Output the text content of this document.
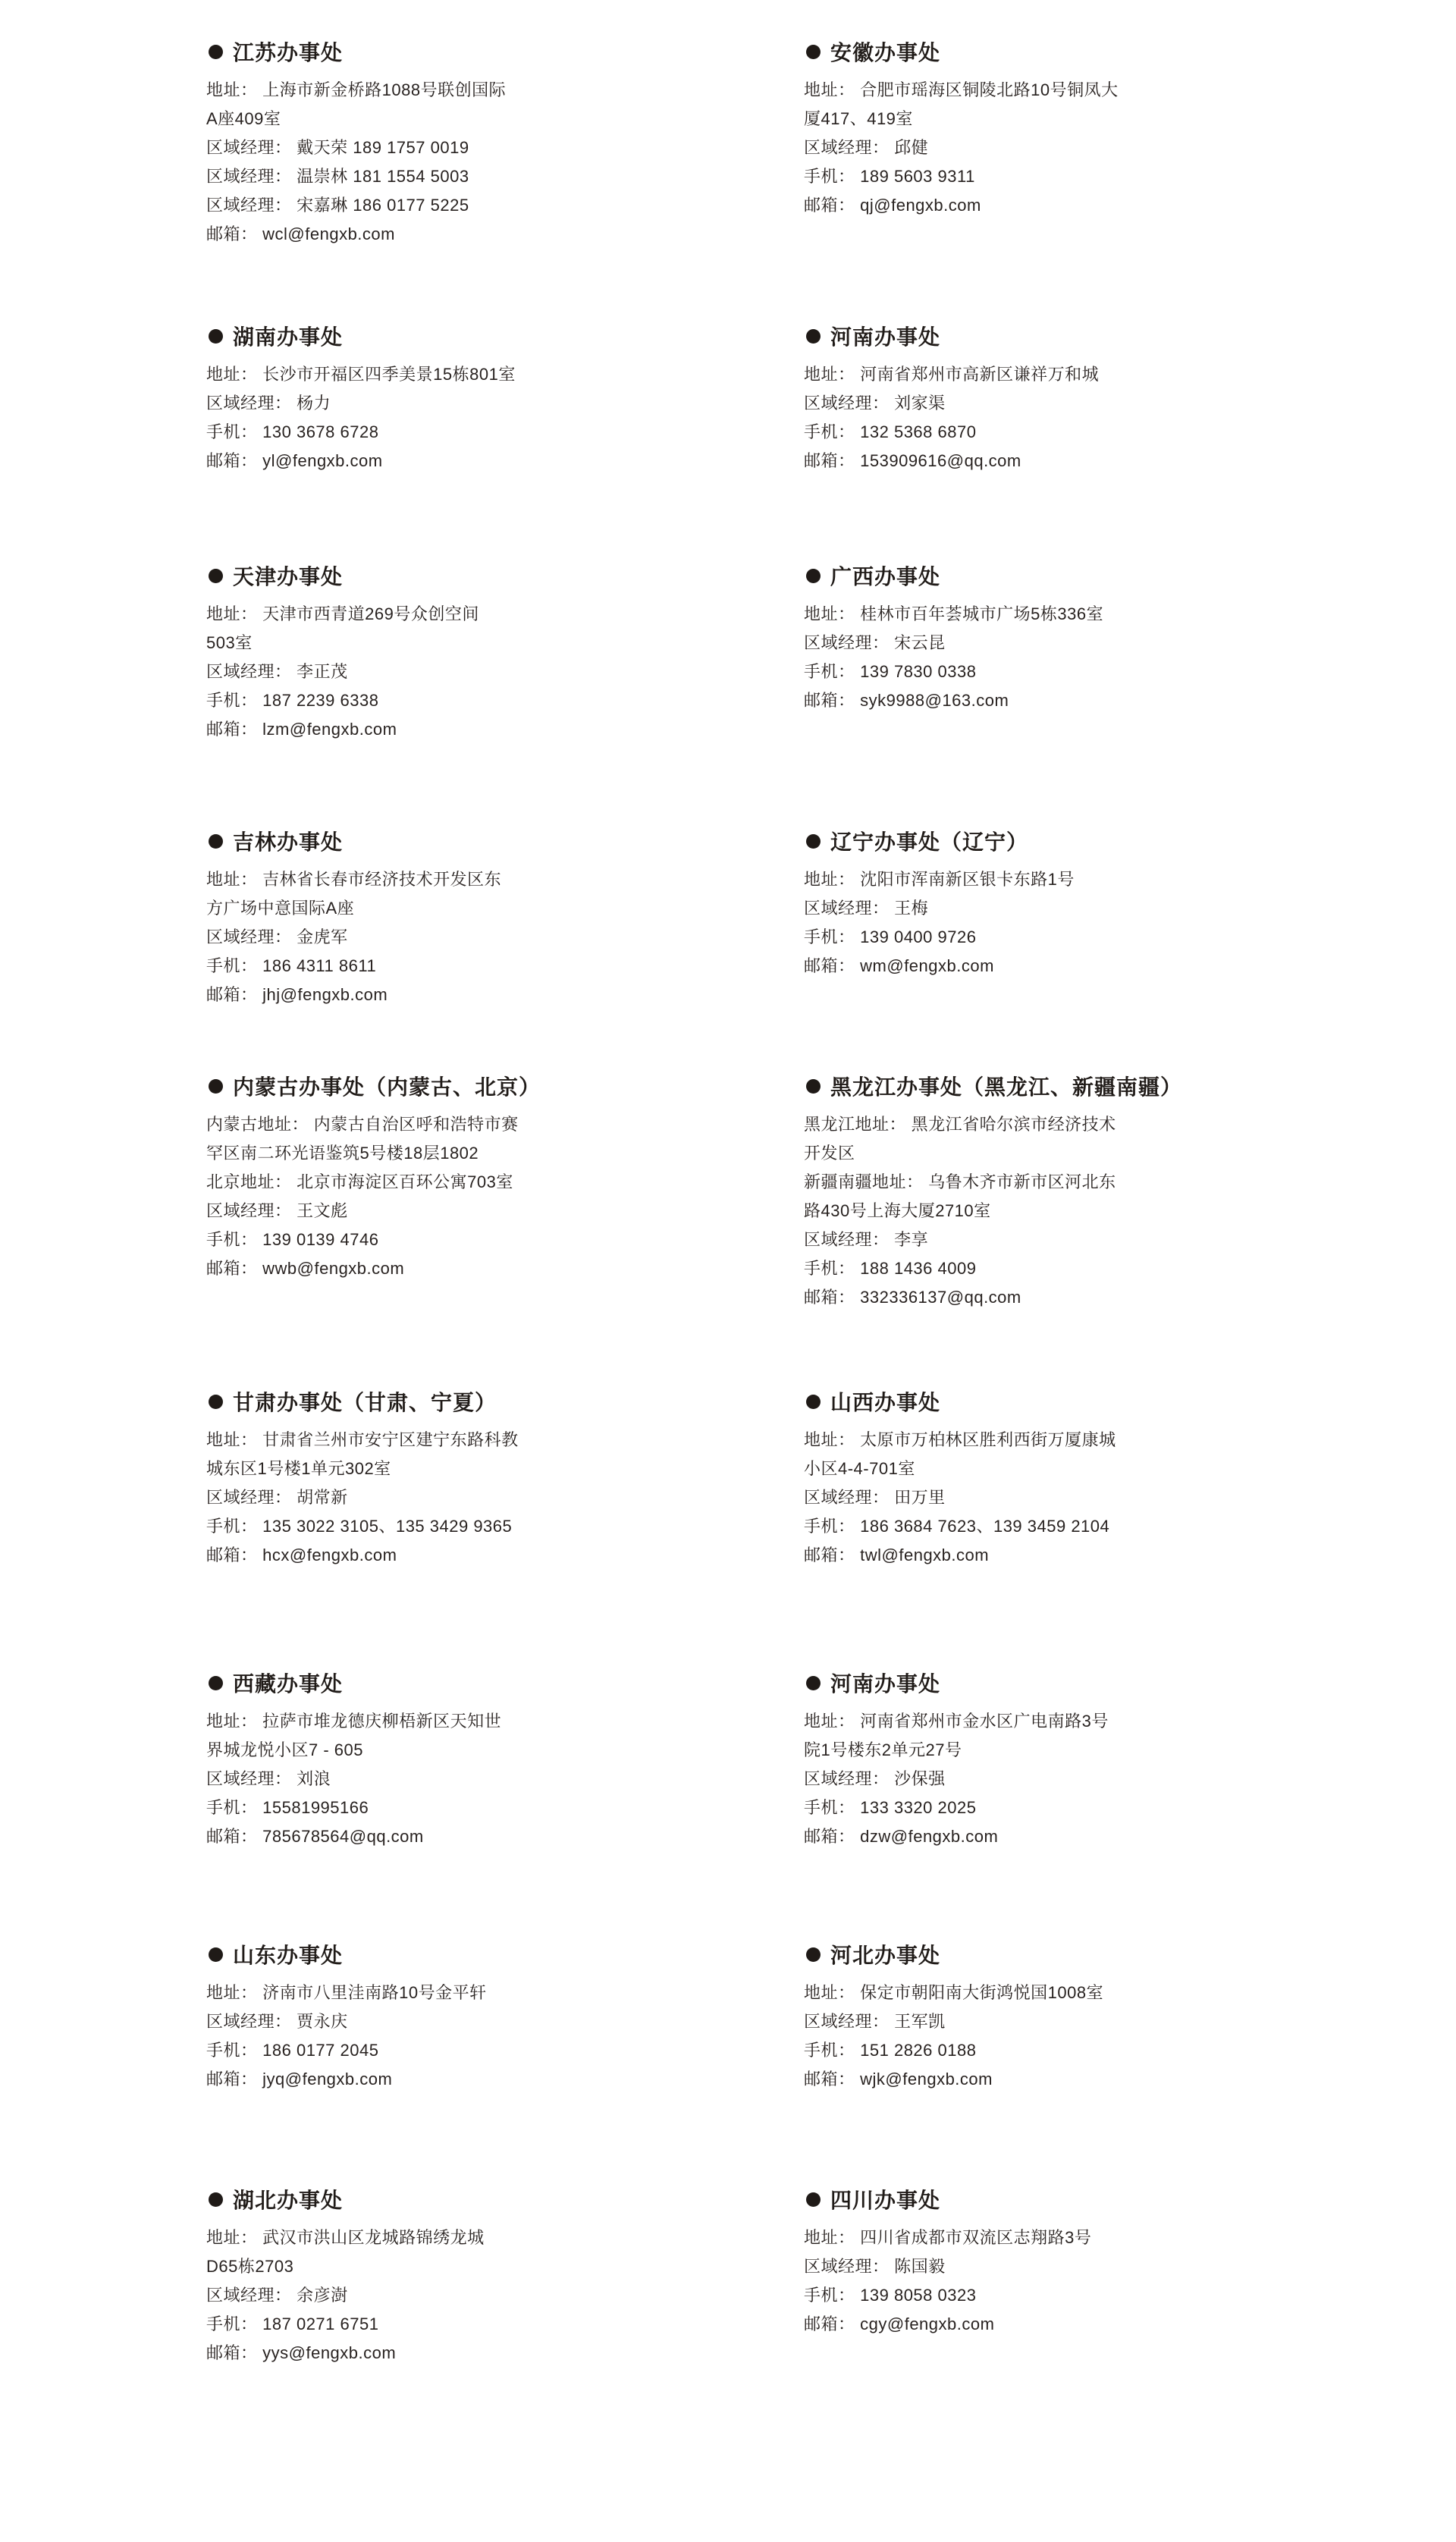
江苏办事处
地址： 上海市新金桥路1088号联创国际
A座409室
区域经理： 戴天荣 189 1757 0019
区域经理： 温崇林 181 1554 5003
区域经理： 宋嘉琳 186 0177 5225
邮箱： wcl@fengxb.com
安徽办事处
地址： 合肥市瑶海区铜陵北路10号铜凤大
厦417、419室
区域经理： 邱健
手机： 189 5603 9311
邮箱： qj@fengxb.com
湖南办事处
地址： 长沙市开福区四季美景15栋801室
区域经理： 杨力
手机： 130 3678 6728
邮箱： yl@fengxb.com
河南办事处
地址： 河南省郑州市高新区谦祥万和城
区域经理： 刘家渠
手机： 132 5368 6870
邮箱： 153909616@qq.com
天津办事处
地址： 天津市西青道269号众创空间
503室
区域经理： 李正茂
手机： 187 2239 6338
邮箱： lzm@fengxb.com
广西办事处
地址： 桂林市百年荟城市广场5栋336室
区域经理： 宋云昆
手机： 139 7830 0338
邮箱： syk9988@163.com
吉林办事处
地址： 吉林省长春市经济技术开发区东
方广场中意国际A座
区域经理： 金虎军
手机： 186 4311 8611
邮箱： jhj@fengxb.com
辽宁办事处（辽宁）
地址： 沈阳市浑南新区银卡东路1号
区域经理： 王梅
手机： 139 0400 9726
邮箱： wm@fengxb.com
内蒙古办事处（内蒙古、北京）
内蒙古地址： 内蒙古自治区呼和浩特市赛
罕区南二环光语鉴筑5号楼18层1802
北京地址： 北京市海淀区百环公寓703室
区域经理： 王文彪
手机： 139 0139 4746
邮箱： wwb@fengxb.com
黑龙江办事处（黑龙江、新疆南疆）
黑龙江地址： 黑龙江省哈尔滨市经济技术
开发区
新疆南疆地址： 乌鲁木齐市新市区河北东
路430号上海大厦2710室
区域经理： 李享
手机： 188 1436 4009
邮箱： 332336137@qq.com
甘肃办事处（甘肃、宁夏）
地址： 甘肃省兰州市安宁区建宁东路科教
城东区1号楼1单元302室
区域经理： 胡常新
手机： 135 3022 3105、135 3429 9365
邮箱： hcx@fengxb.com
山西办事处
地址： 太原市万柏林区胜利西街万厦康城
小区4-4-701室
区域经理： 田万里
手机： 186 3684 7623、139 3459 2104
邮箱： twl@fengxb.com
西藏办事处
地址： 拉萨市堆龙德庆柳梧新区天知世
界城龙悦小区7 - 605
区域经理： 刘浪
手机： 15581995166
邮箱： 785678564@qq.com
河南办事处
地址： 河南省郑州市金水区广电南路3号
院1号楼东2单元27号
区域经理： 沙保强
手机： 133 3320 2025
邮箱： dzw@fengxb.com
山东办事处
地址： 济南市八里洼南路10号金平轩
区域经理： 贾永庆
手机： 186 0177 2045
邮箱： jyq@fengxb.com
河北办事处
地址： 保定市朝阳南大街鸿悦国1008室
区域经理： 王军凯
手机： 151 2826 0188
邮箱： wjk@fengxb.com
湖北办事处
地址： 武汉市洪山区龙城路锦绣龙城
D65栋2703
区域经理： 余彦澍
手机： 187 0271 6751
邮箱： yys@fengxb.com
四川办事处
地址： 四川省成都市双流区志翔路3号
区域经理： 陈国毅
手机： 139 8058 0323
邮箱： cgy@fengxb.com
